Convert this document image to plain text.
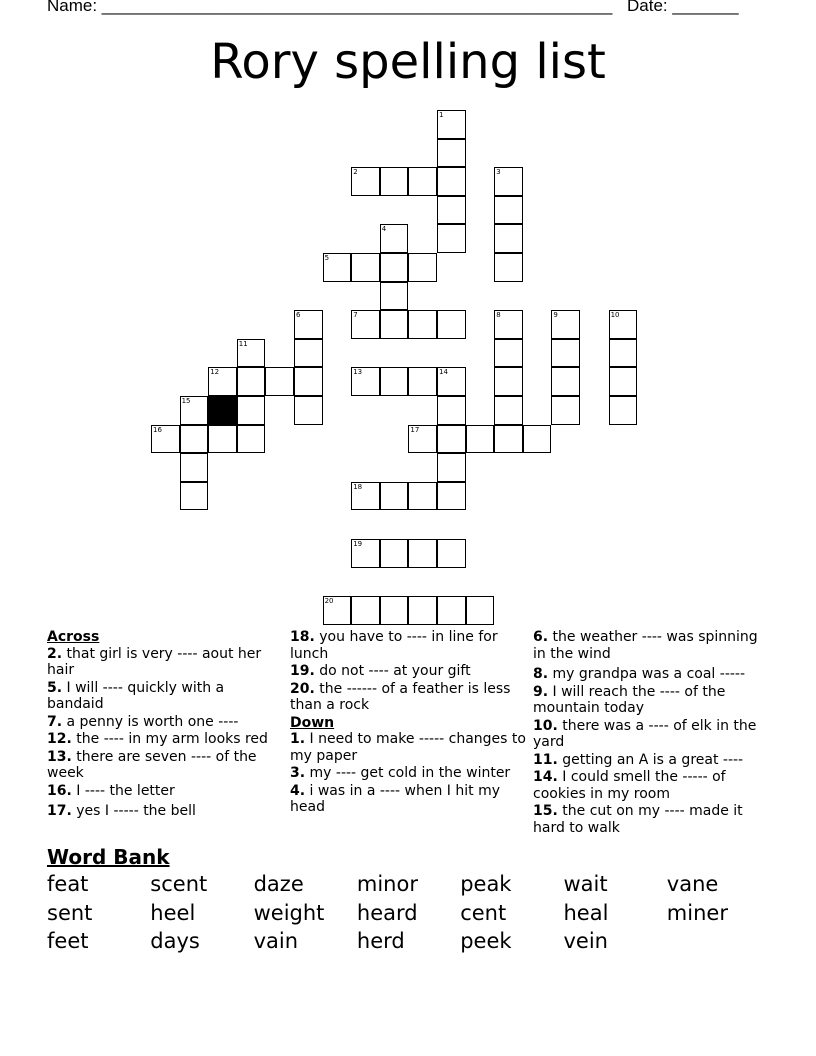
Name: ______________________________________________________ Date: _______
Rory spelling list
1
2	3
4
5
6	7	8	9	10
11
12	13	14
15
16	17
18
19
20
Across
2. that girl is very ---- aout her hair
5. I will ---- quickly with a bandaid
7. a penny is worth one ----
12. the ---- in my arm looks red
13. there are seven ---- of the week
16. I ---- the letter
17. yes I ----- the bell
18. you have to ---- in line for lunch
19. do not ---- at your gift
20. the ------ of a feather is less than a rock
Down
1. I need to make ----- changes to my paper
3. my ---- get cold in the winter
4. i was in a ---- when I hit my head
6. the weather ---- was spinning in the wind
8. my grandpa was a coal -----
9. I will reach the ---- of the mountain today
10. there was a ---- of elk in the yard
11. getting an A is a great ----
14. I could smell the ----- of cookies in my room
15. the cut on my ---- made it hard to walk
Word Bank
feat	scent daze	minor peak wait	vane
sent	heel	weight heard cent	heal	miner
feet	days	vain	herd	peek vein
